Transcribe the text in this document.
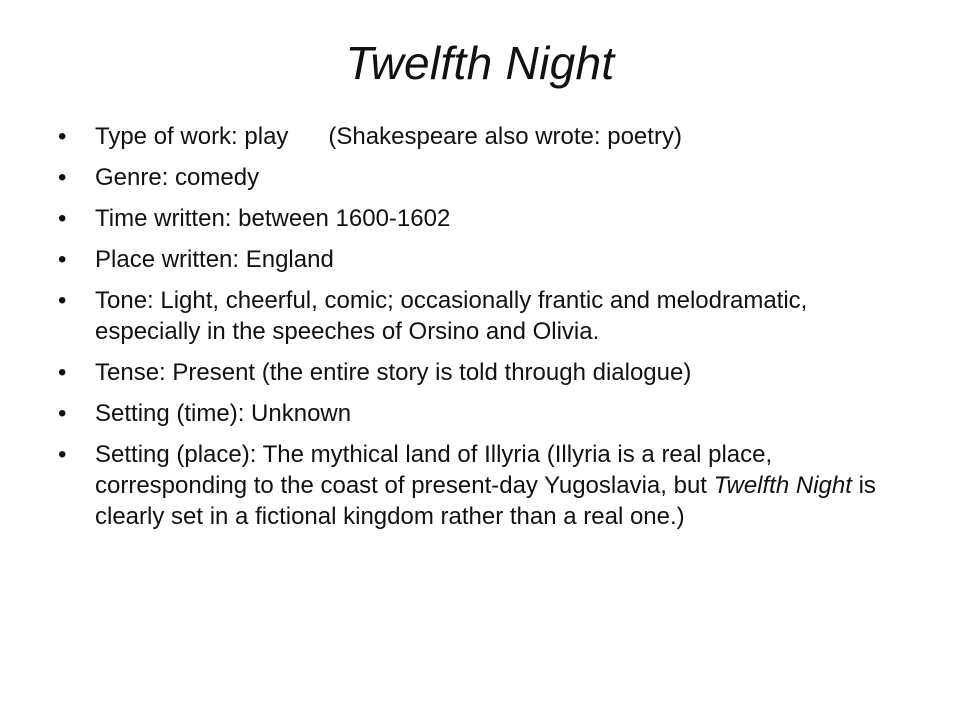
Twelfth Night
•	Type of work: play (Shakespeare also wrote: poetry)
•	Genre: comedy
•	Time written: between 1600-1602
•	Place written: England
•	Tone: Light, cheerful, comic; occasionally frantic and melodramatic, especially in the speeches of Orsino and Olivia.
•	Tense: Present (the entire story is told through dialogue)
•	Setting (time): Unknown
•	Setting (place): The mythical land of Illyria (Illyria is a real place, corresponding to the coast of present-day Yugoslavia, but Twelfth Night is clearly set in a fictional kingdom rather than a real one.)
